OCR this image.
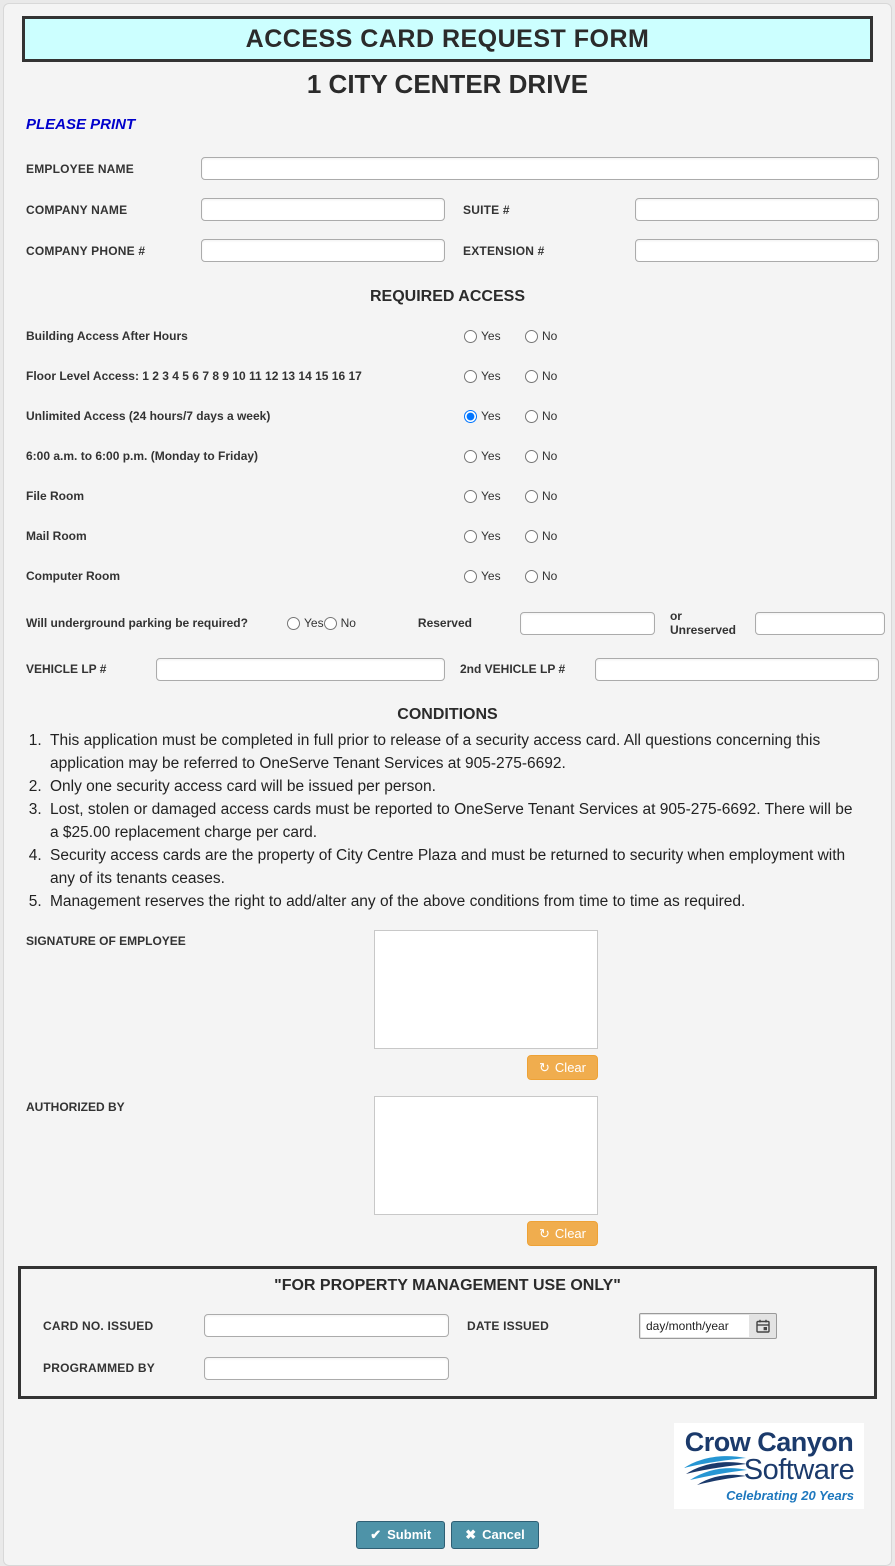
ACCESS CARD REQUEST FORM
1 CITY CENTER DRIVE
PLEASE PRINT
EMPLOYEE NAME
COMPANY NAME	SUITE #
COMPANY PHONE #	EXTENSION #
REQUIRED ACCESS
Building Access After Hours	Yes	No
Floor Level Access: 1 2 3 4 5 6 7 8 9 10 11 12 13 14 15 16 17	Yes	No
Unlimited Access (24 hours/7 days a week)	Yes	No
6:00 a.m. to 6:00 p.m. (Monday to Friday)	Yes	No
File Room	Yes	No
Mail Room	Yes	No
Computer Room	Yes	No
Will underground parking be required?	Yes No	Reserved	or Unreserved
VEHICLE LP #	2nd VEHICLE LP #
CONDITIONS
1. This application must be completed in full prior to release of a security access card. All questions concerning this application may be referred to OneServe Tenant Services at 905-275-6692.
2. Only one security access card will be issued per person.
3. Lost, stolen or damaged access cards must be reported to OneServe Tenant Services at 905-275-6692. There will be a $25.00 replacement charge per card.
4. Security access cards are the property of City Centre Plaza and must be returned to security when employment with any of its tenants ceases.
5. Management reserves the right to add/alter any of the above conditions from time to time as required.
SIGNATURE OF EMPLOYEE
↻ Clear
AUTHORIZED BY
↻ Clear
"FOR PROPERTY MANAGEMENT USE ONLY"
CARD NO. ISSUED	DATE ISSUED
day/month/year
PROGRAMMED BY
Crow Canyon
Software
Celebrating 20 Years
✔ Submit	✖ Cancel
